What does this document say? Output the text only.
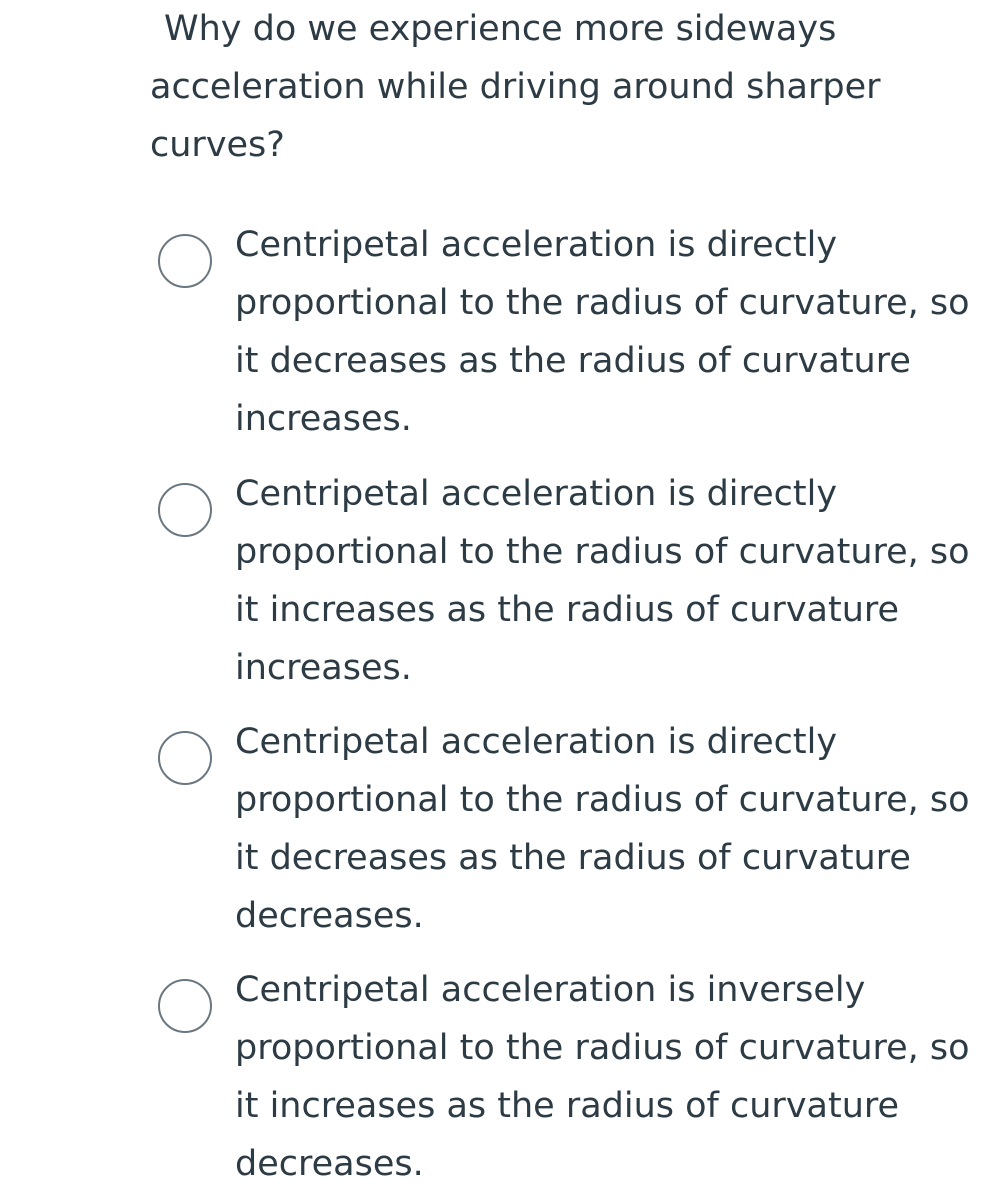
Why do we experience more sideways acceleration while driving around sharper curves?
Centripetal acceleration is directly proportional to the radius of curvature, so it decreases as the radius of curvature increases.
Centripetal acceleration is directly proportional to the radius of curvature, so it increases as the radius of curvature increases.
Centripetal acceleration is directly proportional to the radius of curvature, so it decreases as the radius of curvature decreases.
Centripetal acceleration is inversely proportional to the radius of curvature, so it increases as the radius of curvature decreases.
